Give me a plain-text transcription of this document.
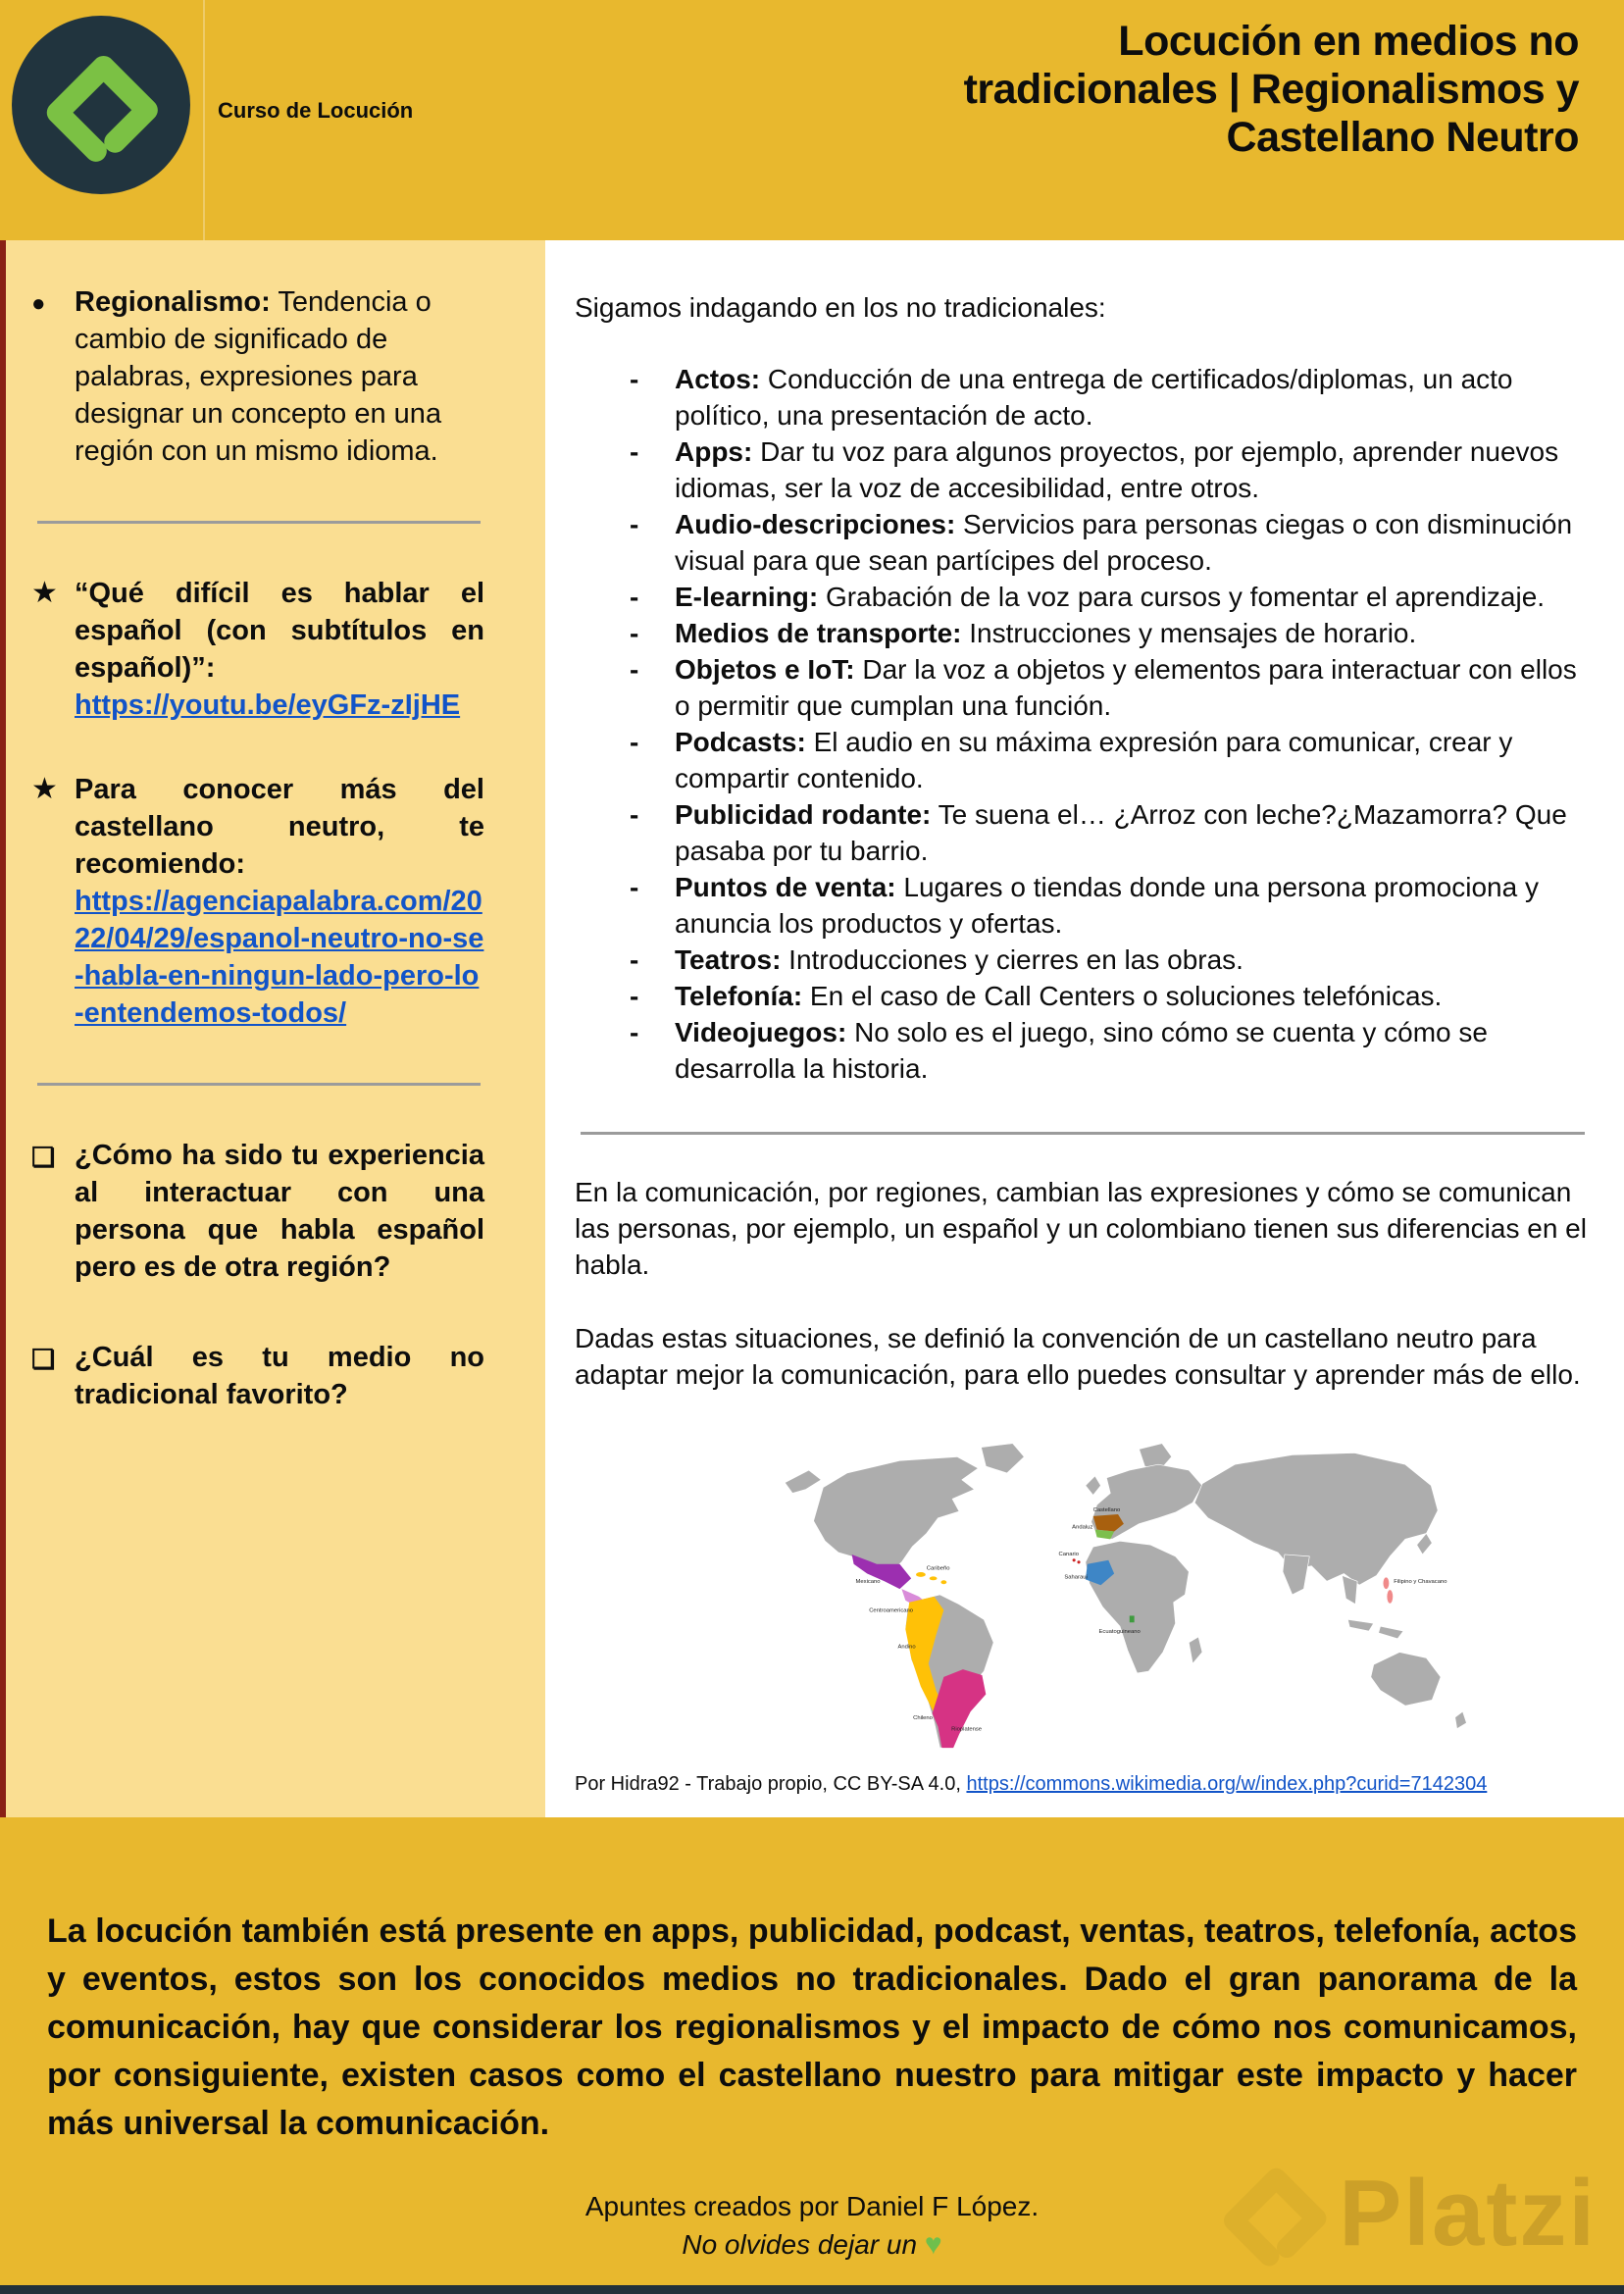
Curso de Locución
Locución en medios no
tradicionales | Regionalismos y
Castellano Neutro
●	Regionalismo: Tendencia o cambio de significado de palabras, expresiones para designar un concepto en una región con un mismo idioma.
★ “Qué difícil es hablar el español (con subtítulos en español)”:
https://youtu.be/eyGFz-zIjHE
★ Para conocer más del castellano neutro, te recomiendo:
https://agenciapalabra.com/2022/04/29/espanol-neutro-no-se-habla-en-ningun-lado-pero-lo-entendemos-todos/
❏ ¿Cómo ha sido tu experiencia al interactuar con una persona que habla español pero es de otra región?
❏ ¿Cuál es tu medio no tradicional favorito?

Sigamos indagando en los no tradicionales:

-	Actos: Conducción de una entrega de certificados/diplomas, un acto político, una presentación de acto.
-	Apps: Dar tu voz para algunos proyectos, por ejemplo, aprender nuevos idiomas, ser la voz de accesibilidad, entre otros.
-	Audio-descripciones: Servicios para personas ciegas o con disminución visual para que sean partícipes del proceso.
-	E-learning: Grabación de la voz para cursos y fomentar el aprendizaje.
-	Medios de transporte: Instrucciones y mensajes de horario.
-	Objetos e IoT: Dar la voz a objetos y elementos para interactuar con ellos o permitir que cumplan una función.
-	Podcasts: El audio en su máxima expresión para comunicar, crear y compartir contenido.
-	Publicidad rodante: Te suena el… ¿Arroz con leche?¿Mazamorra? Que pasaba por tu barrio.
-	Puntos de venta: Lugares o tiendas donde una persona promociona y anuncia los productos y ofertas.
-	Teatros: Introducciones y cierres en las obras.
-	Telefonía: En el caso de Call Centers o soluciones telefónicas.
-	Videojuegos: No solo es el juego, sino cómo se cuenta y cómo se desarrolla la historia.

En la comunicación, por regiones, cambian las expresiones y cómo se comunican las personas, por ejemplo, un español y un colombiano tienen sus diferencias en el habla.

Dadas estas situaciones, se definió la convención de un castellano neutro para adaptar mejor la comunicación, para ello puedes consultar y aprender más de ello.

Castellano
Andaluz
Canario
Saharaui
Ecuatoguineano
Mexicano
Centroamericano
Caribeño
Andino
Chileno
Rioplatense
Filipino y Chavacano
Por Hidra92 - Trabajo propio, CC BY-SA 4.0, https://commons.wikimedia.org/w/index.php?curid=7142304

La locución también está presente en apps, publicidad, podcast, ventas, teatros, telefonía, actos y eventos, estos son los conocidos medios no tradicionales. Dado el gran panorama de la comunicación, hay que considerar los regionalismos y el impacto de cómo nos comunicamos, por consiguiente, existen casos como el castellano nuestro para mitigar este impacto y hacer más universal la comunicación.

Apuntes creados por Daniel F López.
No olvides dejar un ♥	Platzi
